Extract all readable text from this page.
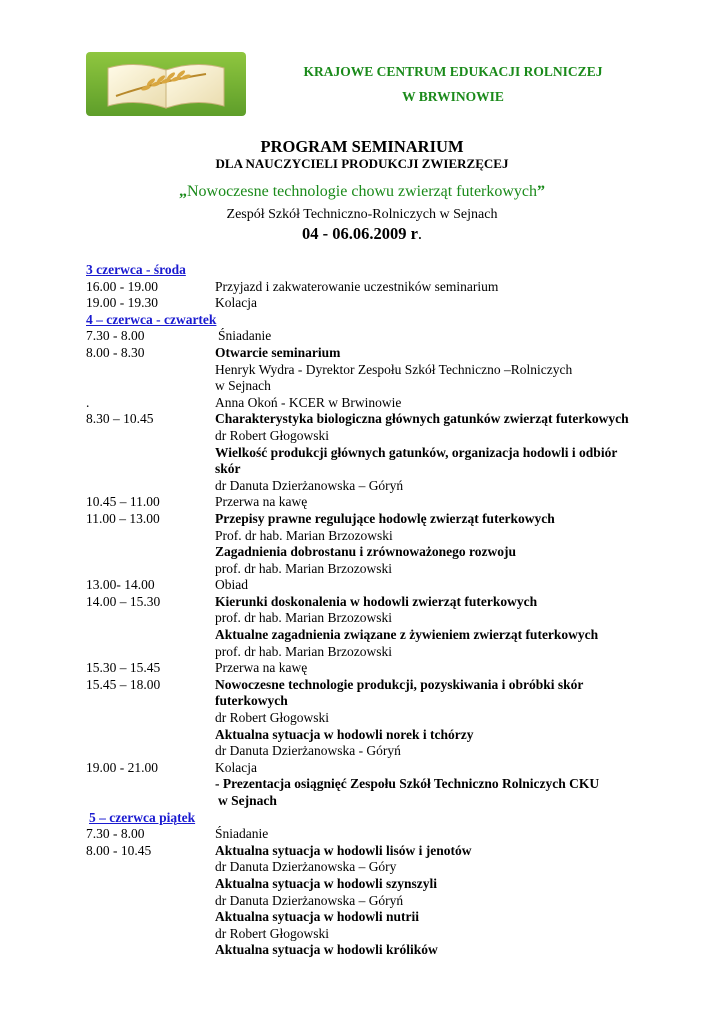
KRAJOWE CENTRUM EDUKACJI ROLNICZEJ
W BRWINOWIE
PROGRAM SEMINARIUM
DLA NAUCZYCIELI PRODUKCJI ZWIERZĘCEJ
„Nowoczesne technologie chowu zwierząt futerkowych”
Zespół Szkół Techniczno-Rolniczych w Sejnach
04 - 06.06.2009 r.
3 czerwca - środa
16.00 - 19.00	Przyjazd i zakwaterowanie uczestników seminarium
19.00 - 19.30	Kolacja
4 – czerwca - czwartek
7.30 - 8.00	Śniadanie
8.00 - 8.30	Otwarcie seminarium
Henryk Wydra - Dyrektor Zespołu Szkół Techniczno –Rolniczych
w Sejnach
.	Anna Okoń - KCER w Brwinowie
8.30 – 10.45	Charakterystyka biologiczna głównych gatunków zwierząt futerkowych
dr Robert Głogowski
Wielkość produkcji głównych gatunków, organizacja hodowli i odbiór
skór
dr Danuta Dzierżanowska – Góryń
10.45 – 11.00	Przerwa na kawę
11.00 – 13.00	Przepisy prawne regulujące hodowlę zwierząt futerkowych
Prof. dr hab. Marian Brzozowski
Zagadnienia dobrostanu i zrównoważonego rozwoju
prof. dr hab. Marian Brzozowski
13.00- 14.00	Obiad
14.00 – 15.30	Kierunki doskonalenia w hodowli zwierząt futerkowych
prof. dr hab. Marian Brzozowski
Aktualne zagadnienia związane z żywieniem zwierząt futerkowych
prof. dr hab. Marian Brzozowski
15.30 – 15.45	Przerwa na kawę
15.45 – 18.00	Nowoczesne technologie produkcji, pozyskiwania i obróbki skór
futerkowych
dr Robert Głogowski
Aktualna sytuacja w hodowli norek i tchórzy
dr Danuta Dzierżanowska - Góryń
19.00 - 21.00	Kolacja
- Prezentacja osiągnięć Zespołu Szkół Techniczno Rolniczych CKU
w Sejnach
5 – czerwca piątek
7.30 - 8.00	Śniadanie
8.00 - 10.45	Aktualna sytuacja w hodowli lisów i jenotów
dr Danuta Dzierżanowska – Góry
Aktualna sytuacja w hodowli szynszyli
dr Danuta Dzierżanowska – Góryń
Aktualna sytuacja w hodowli nutrii
dr Robert Głogowski
Aktualna sytuacja w hodowli królików
